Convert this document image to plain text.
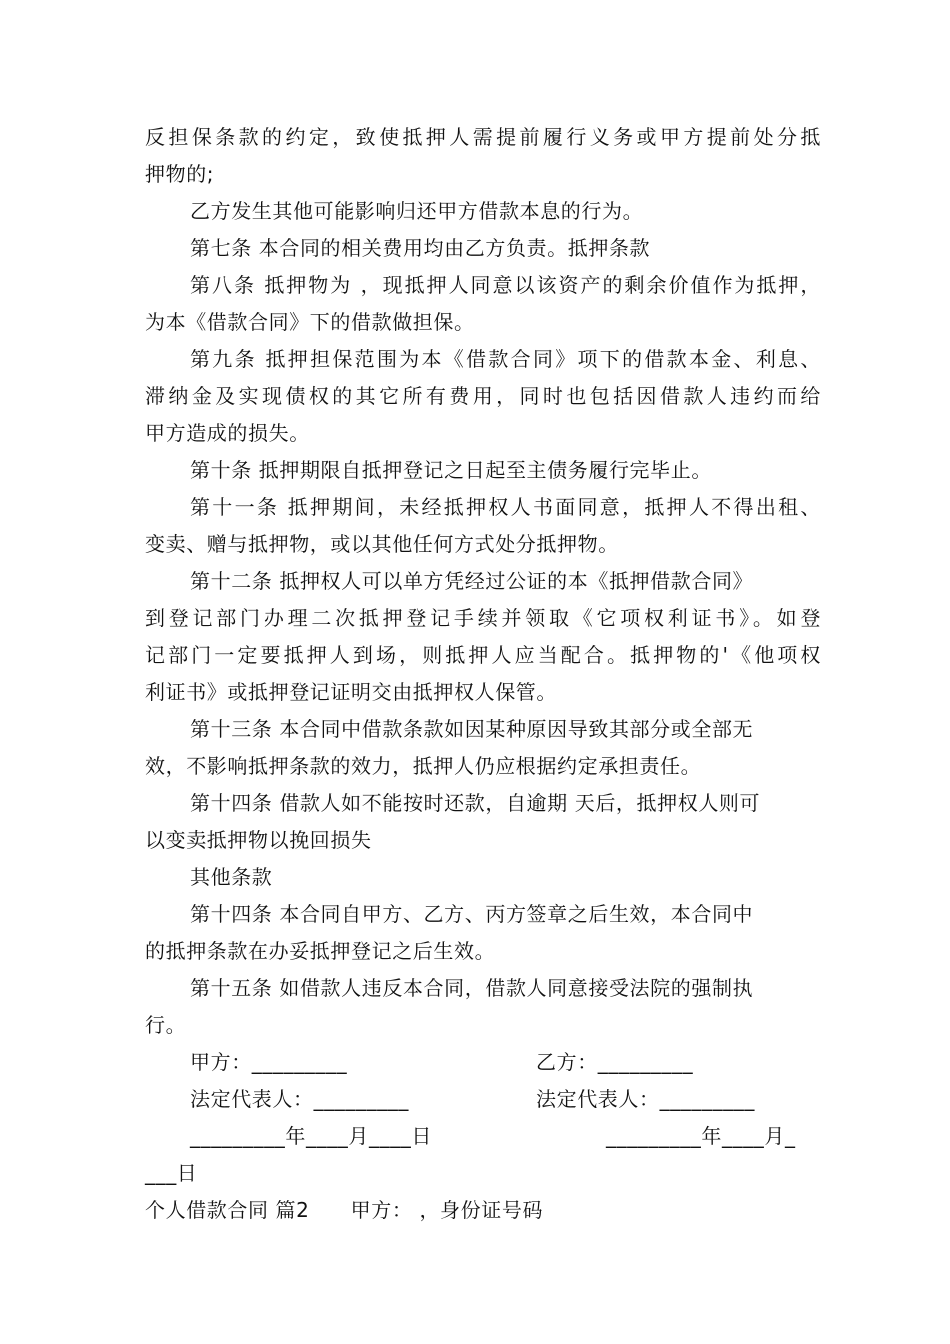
反担保条款的约定，致使抵押人需提前履行义务或甲方提前处分抵
押物的;
乙方发生其他可能影响归还甲方借款本息的行为。
第七条 本合同的相关费用均由乙方负责。抵押条款
第八条 抵押物为 ，现抵押人同意以该资产的剩余价值作为抵押，
为本《借款合同》下的借款做担保。
第九条 抵押担保范围为本《借款合同》项下的借款本金、利息、
滞纳金及实现债权的其它所有费用，同时也包括因借款人违约而给
甲方造成的损失。
第十条 抵押期限自抵押登记之日起至主债务履行完毕止。
第十一条 抵押期间，未经抵押权人书面同意，抵押人不得出租、
变卖、赠与抵押物，或以其他任何方式处分抵押物。
第十二条 抵押权人可以单方凭经过公证的本《抵押借款合同》
到登记部门办理二次抵押登记手续并领取《它项权利证书》。如登
记部门一定要抵押人到场，则抵押人应当配合。抵押物的'《他项权
利证书》或抵押登记证明交由抵押权人保管。
第十三条 本合同中借款条款如因某种原因导致其部分或全部无
效，不影响抵押条款的效力，抵押人仍应根据约定承担责任。
第十四条 借款人如不能按时还款，自逾期 天后，抵押权人则可
以变卖抵押物以挽回损失
其他条款
第十四条 本合同自甲方、乙方、丙方签章之后生效，本合同中
的抵押条款在办妥抵押登记之后生效。
第十五条 如借款人违反本合同，借款人同意接受法院的强制执
行。
甲方：_________	乙方：_________
法定代表人：_________	法定代表人：_________
_________年____月____日	_________年____月_
___日
个人借款合同 篇2　　甲方： ，身份证号码
